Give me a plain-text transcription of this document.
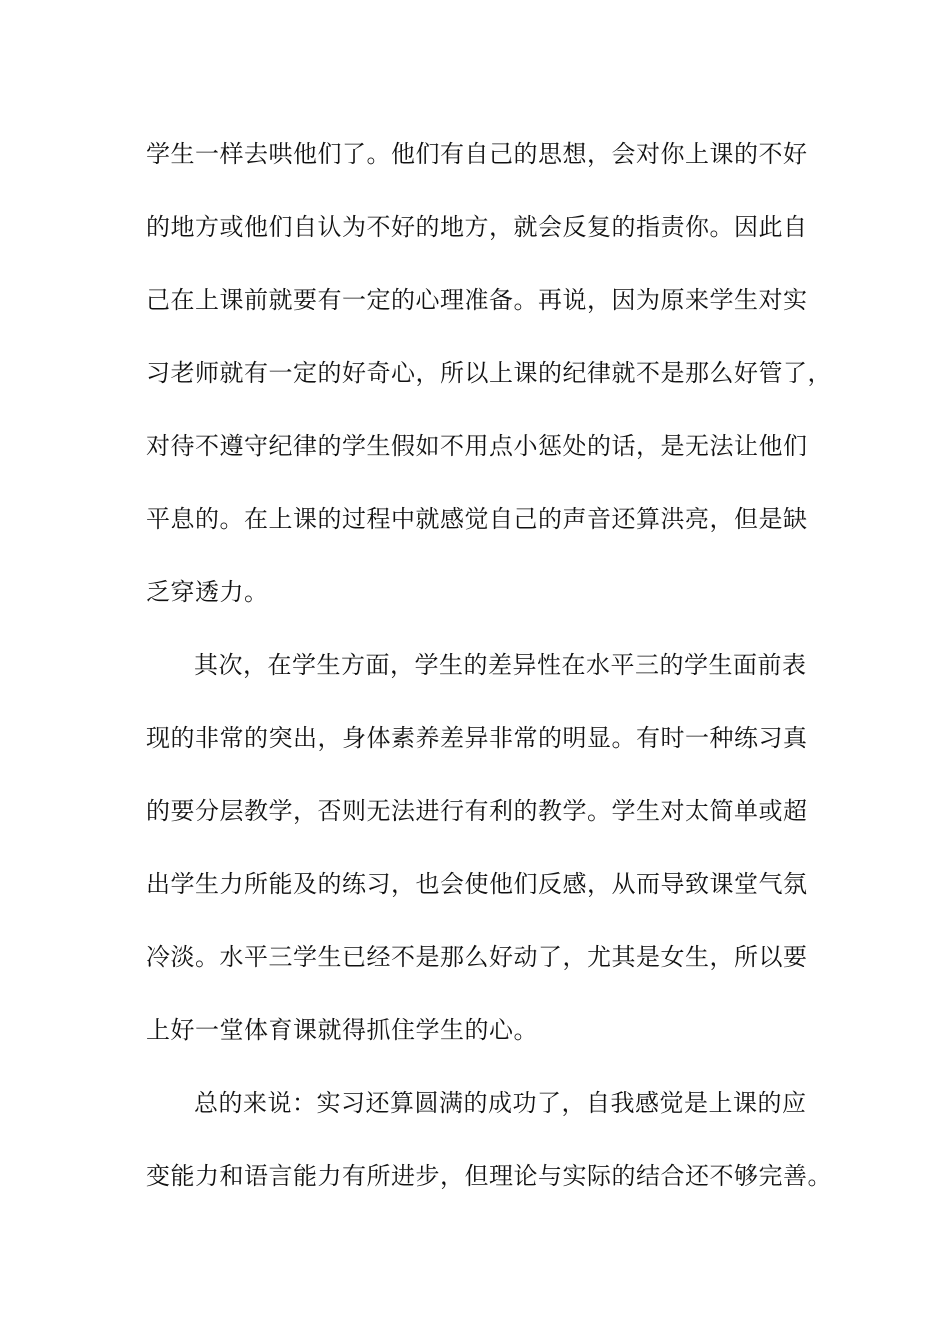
学生一样去哄他们了。他们有自己的思想，会对你上课的不好
的地方或他们自认为不好的地方，就会反复的指责你。因此自
己在上课前就要有一定的心理准备。再说，因为原来学生对实
习老师就有一定的好奇心，所以上课的纪律就不是那么好管了，
对待不遵守纪律的学生假如不用点小惩处的话，是无法让他们
平息的。在上课的过程中就感觉自己的声音还算洪亮，但是缺
乏穿透力。
其次，在学生方面，学生的差异性在水平三的学生面前表
现的非常的突出，身体素养差异非常的明显。有时一种练习真
的要分层教学，否则无法进行有利的教学。学生对太简单或超
出学生力所能及的练习，也会使他们反感，从而导致课堂气氛
冷淡。水平三学生已经不是那么好动了，尤其是女生，所以要
上好一堂体育课就得抓住学生的心。
总的来说：实习还算圆满的成功了，自我感觉是上课的应
变能力和语言能力有所进步，但理论与实际的结合还不够完善。
